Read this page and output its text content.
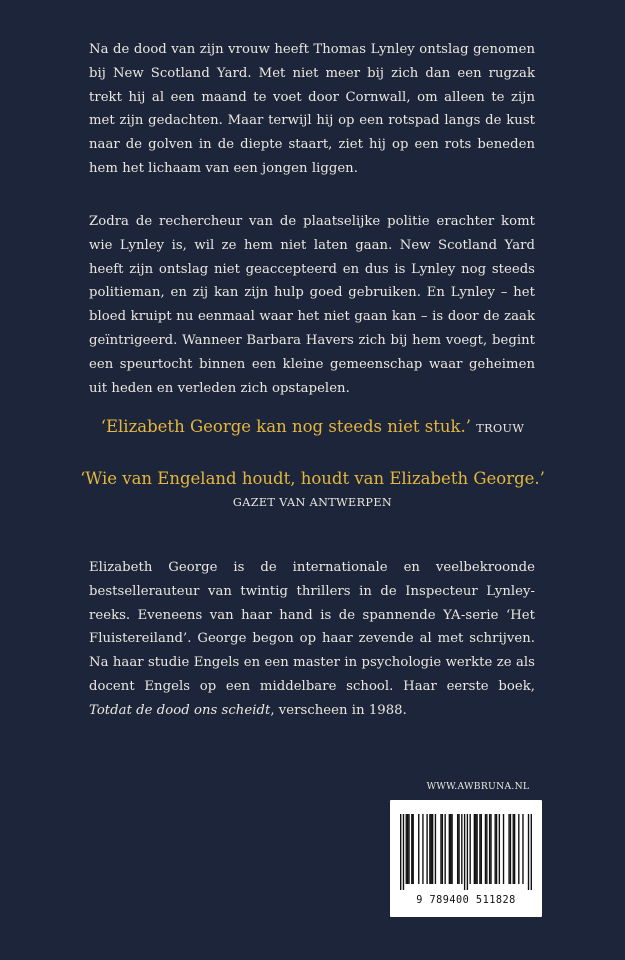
Na de dood van zijn vrouw heeft Thomas Lynley ontslag genomen bij New Scotland Yard. Met niet meer bij zich dan een rugzak trekt hij al een maand te voet door Cornwall, om alleen te zijn met zijn gedachten. Maar terwijl hij op een rotspad langs de kust naar de golven in de diepte staart, ziet hij op een rots beneden hem het lichaam van een jongen liggen.

Zodra de rechercheur van de plaatselijke politie erachter komt wie Lynley is, wil ze hem niet laten gaan. New Scotland Yard heeft zijn ontslag niet geaccepteerd en dus is Lynley nog steeds politieman, en zij kan zijn hulp goed gebruiken. En Lynley – het bloed kruipt nu eenmaal waar het niet gaan kan – is door de zaak geïntrigeerd. Wanneer Barbara Havers zich bij hem voegt, begint een speurtocht binnen een kleine gemeenschap waar geheimen uit heden en verleden zich opstapelen.

‘Elizabeth George kan nog steeds niet stuk.’ TROUW
‘Wie van Engeland houdt, houdt van Elizabeth George.’
GAZET VAN ANTWERPEN

Elizabeth George is de internationale en veelbekroonde bestsellerauteur van twintig thrillers in de Inspecteur Lynley-reeks. Eveneens van haar hand is de spannende YA-serie ‘Het Fluistereiland’. George begon op haar zevende al met schrijven. Na haar studie Engels en een master in psychologie werkte ze als docent Engels op een middelbare school. Haar eerste boek, Totdat de dood ons scheidt, verscheen in 1988.

WWW.AWBRUNA.NL
9 789400 511828
